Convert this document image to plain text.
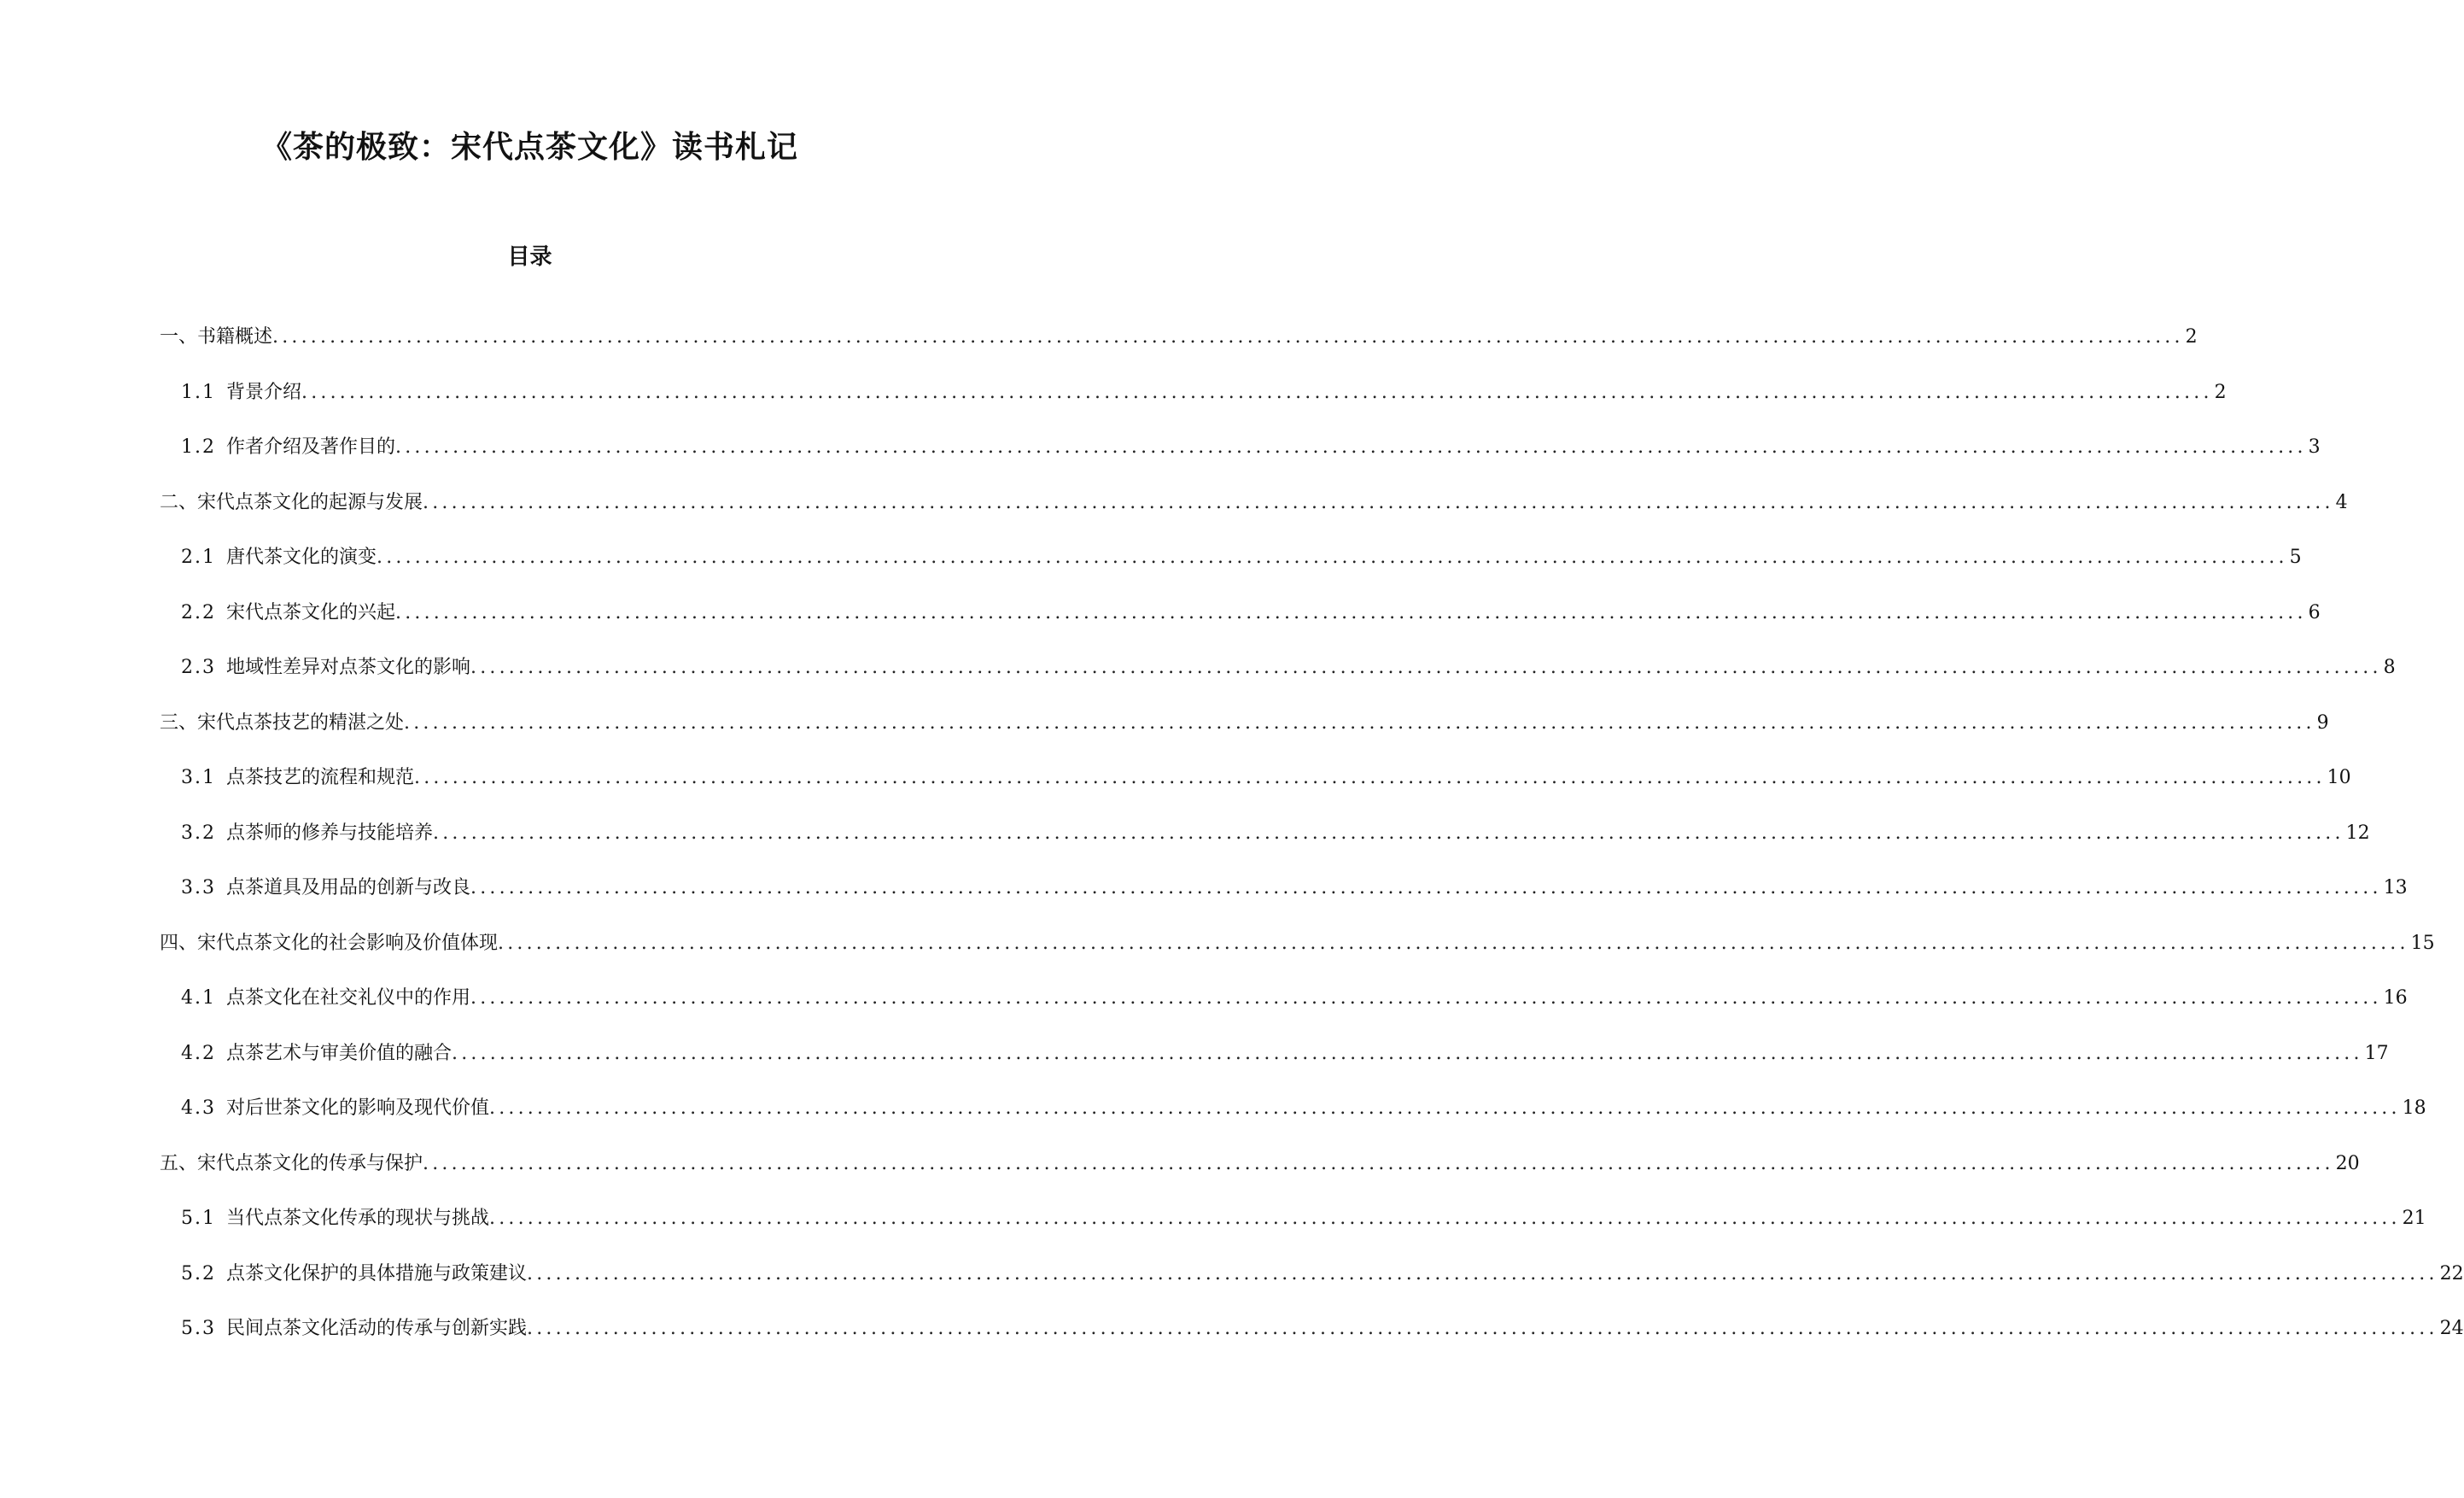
《茶的极致：宋代点茶文化》读书札记
目录
一、书籍概述 ........................................................................................................................................................................................................ 2
1.1 背景介绍 ........................................................................................................................................................................................................ 2
1.2 作者介绍及著作目的 ........................................................................................................................................................................................................ 3
二、宋代点茶文化的起源与发展 ........................................................................................................................................................................................................ 4
2.1 唐代茶文化的演变 ........................................................................................................................................................................................................ 5
2.2 宋代点茶文化的兴起 ........................................................................................................................................................................................................ 6
2.3 地域性差异对点茶文化的影响 ........................................................................................................................................................................................................ 8
三、宋代点茶技艺的精湛之处 ........................................................................................................................................................................................................ 9
3.1 点茶技艺的流程和规范 ........................................................................................................................................................................................................ 10
3.2 点茶师的修养与技能培养 ........................................................................................................................................................................................................ 12
3.3 点茶道具及用品的创新与改良 ........................................................................................................................................................................................................ 13
四、宋代点茶文化的社会影响及价值体现 ........................................................................................................................................................................................................ 15
4.1 点茶文化在社交礼仪中的作用 ........................................................................................................................................................................................................ 16
4.2 点茶艺术与审美价值的融合 ........................................................................................................................................................................................................ 17
4.3 对后世茶文化的影响及现代价值 ........................................................................................................................................................................................................ 18
五、宋代点茶文化的传承与保护 ........................................................................................................................................................................................................ 20
5.1 当代点茶文化传承的现状与挑战 ........................................................................................................................................................................................................ 21
5.2 点茶文化保护的具体措施与政策建议 ........................................................................................................................................................................................................ 22
5.3 民间点茶文化活动的传承与创新实践 ........................................................................................................................................................................................................ 24
